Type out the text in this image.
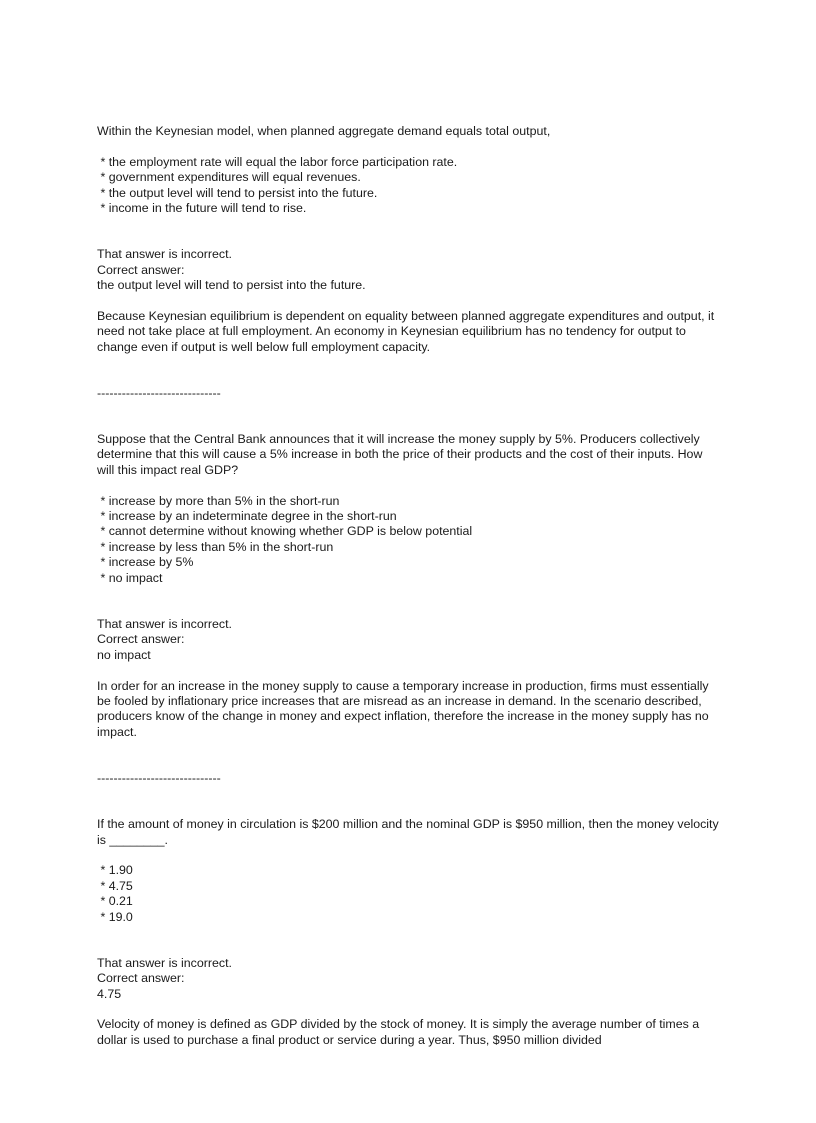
Within the Keynesian model, when planned aggregate demand equals total output,
* the employment rate will equal the labor force participation rate.
* government expenditures will equal revenues.
* the output level will tend to persist into the future.
* income in the future will tend to rise.
That answer is incorrect.
Correct answer:
the output level will tend to persist into the future.
Because Keynesian equilibrium is dependent on equality between planned aggregate expenditures and output, it need not take place at full employment. An economy in Keynesian equilibrium has no tendency for output to change even if output is well below full employment capacity.
------------------------------
Suppose that the Central Bank announces that it will increase the money supply by 5%. Producers collectively determine that this will cause a 5% increase in both the price of their products and the cost of their inputs. How will this impact real GDP?
* increase by more than 5% in the short-run
* increase by an indeterminate degree in the short-run
* cannot determine without knowing whether GDP is below potential
* increase by less than 5% in the short-run
* increase by 5%
* no impact
That answer is incorrect.
Correct answer:
no impact
In order for an increase in the money supply to cause a temporary increase in production, firms must essentially be fooled by inflationary price increases that are misread as an increase in demand. In the scenario described, producers know of the change in money and expect inflation, therefore the increase in the money supply has no impact.
------------------------------
If the amount of money in circulation is $200 million and the nominal GDP is $950 million, then the money velocity is ________.
* 1.90
* 4.75
* 0.21
* 19.0
That answer is incorrect.
Correct answer:
4.75
Velocity of money is defined as GDP divided by the stock of money. It is simply the average number of times a dollar is used to purchase a final product or service during a year. Thus, $950 million divided
